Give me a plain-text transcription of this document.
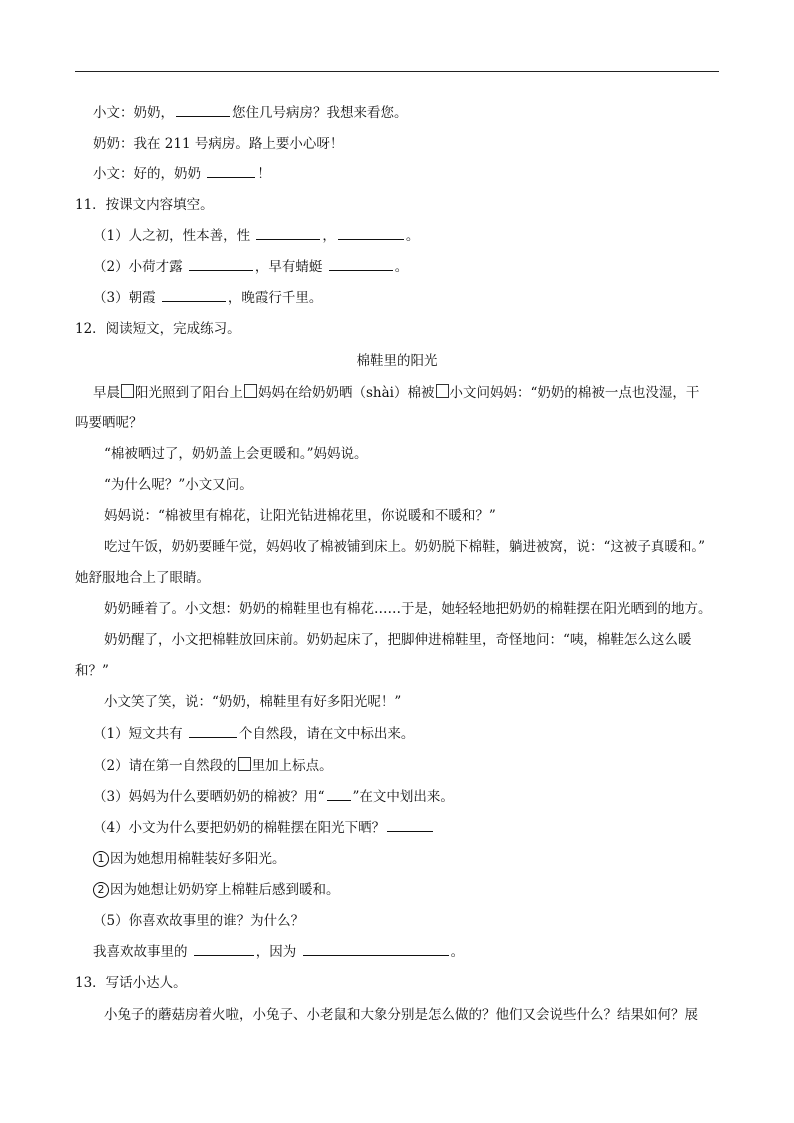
小文：奶奶，	您住几号病房？我想来看您。
奶奶：我在 211 号病房。路上要小心呀！
小文：好的，奶奶	！
11．按课文内容填空。
（1）人之初，性本善，性	，	。
（2）小荷才露	，早有蜻蜓	。
（3）朝霞	，晚霞行千里。
12．阅读短文，完成练习。
棉鞋里的阳光
早晨 阳光照到了阳台上 妈妈在给奶奶晒（shài）棉被 小文问妈妈：“奶奶的棉被一点也没湿，干
吗要晒呢？
“棉被晒过了，奶奶盖上会更暖和。”妈妈说。
“为什么呢？”小文又问。
妈妈说：“棉被里有棉花，让阳光钻进棉花里，你说暖和不暖和？”
吃过午饭，奶奶要睡午觉，妈妈收了棉被铺到床上。奶奶脱下棉鞋，躺进被窝，说：“这被子真暖和。”
她舒服地合上了眼睛。
奶奶睡着了。小文想：奶奶的棉鞋里也有棉花……于是，她轻轻地把奶奶的棉鞋摆在阳光晒到的地方。
奶奶醒了，小文把棉鞋放回床前。奶奶起床了，把脚伸进棉鞋里，奇怪地问：“咦，棉鞋怎么这么暖
和？”
小文笑了笑，说：“奶奶，棉鞋里有好多阳光呢！”
（1）短文共有	个自然段，请在文中标出来。
（2）请在第一自然段的 里加上标点。
（3）妈妈为什么要晒奶奶的棉被？用“ ”在文中划出来。
（4）小文为什么要把奶奶的棉鞋摆在阳光下晒？
1 因为她想用棉鞋装好多阳光。
2 因为她想让奶奶穿上棉鞋后感到暖和。
（5）你喜欢故事里的谁？为什么？
我喜欢故事里的	，因为	。
13．写话小达人。
小兔子的蘑菇房着火啦，小兔子、小老鼠和大象分别是怎么做的？他们又会说些什么？结果如何？展
